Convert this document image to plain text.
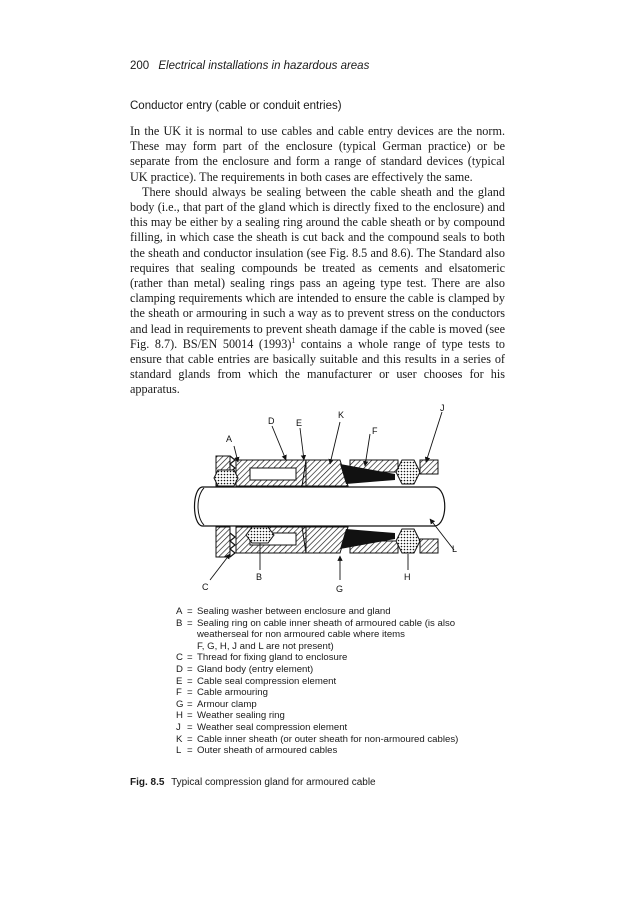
200 Electrical installations in hazardous areas
Conductor entry (cable or conduit entries)

In the UK it is normal to use cables and cable entry devices are the norm. These may form part of the enclosure (typical German practice) or be separate from the enclosure and form a range of standard devices (typical UK practice). The requirements in both cases are effectively the same.

There should always be sealing between the cable sheath and the gland body (i.e., that part of the gland which is directly fixed to the enclosure) and this may be either by a sealing ring around the cable sheath or by compound filling, in which case the sheath is cut back and the compound seals to both the sheath and conductor insulation (see Fig. 8.5 and 8.6). The Standard also requires that sealing compounds be treated as cements and elsatomeric (rather than metal) sealing rings pass an ageing type test. There are also clamping requirements which are intended to ensure the cable is clamped by the sheath or armouring in such a way as to prevent stress on the conductors and lead in requirements to prevent sheath damage if the cable is moved (see Fig. 8.7). BS/EN 50014 $(1993)^1$ contains a whole range of type tests to ensure that cable entries are basically suitable and this results in a series of standard glands from which the manufacturer or user chooses for his apparatus.

A
D E
K
F
J
L
C
B
G
H
A = Sealing washer between enclosure and gland
B = Sealing ring on cable inner sheath of armoured cable (is also
weatherseal for non armoured cable where items
F, G, H, J and L are not present)
C = Thread for fixing gland to enclosure
D = Gland body (entry element)
E = Cable seal compression element
F = Cable armouring
G = Armour clamp
H = Weather sealing ring
J = Weather seal compression element
K = Cable inner sheath (or outer sheath for non-armoured cables)
L = Outer sheath of armoured cables
Fig. 8.5 Typical compression gland for armoured cable
